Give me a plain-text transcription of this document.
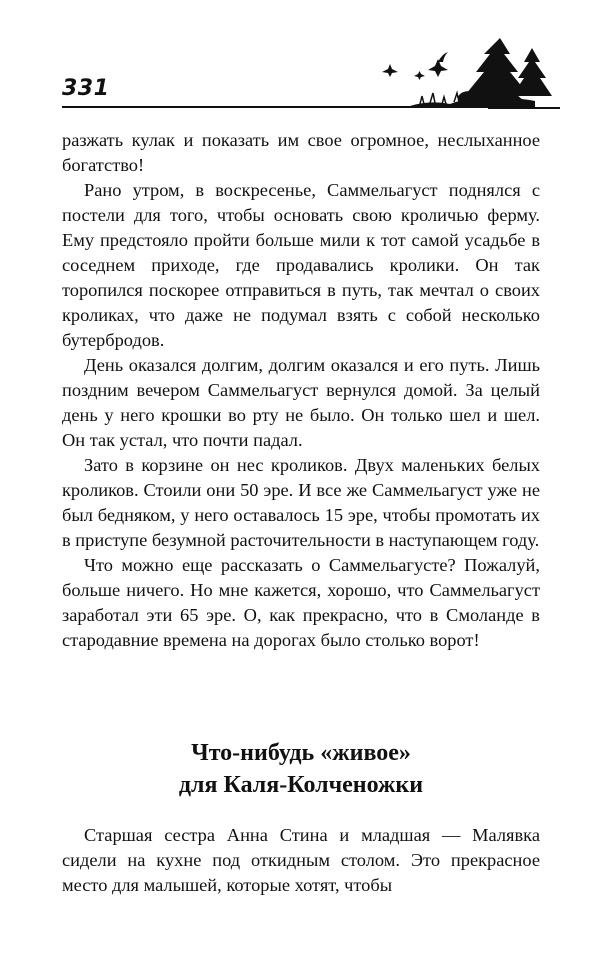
331

разжать кулак и показать им свое огромное, неслыханное богатство!

Рано утром, в воскресенье, Саммельагуст поднялся с постели для того, чтобы основать свою кроличью ферму. Ему предстояло пройти больше мили к тот самой усадьбе в соседнем приходе, где продавались кролики. Он так торопился поскорее отправиться в путь, так мечтал о своих кроликах, что даже не подумал взять с собой несколько бутербродов.

День оказался долгим, долгим оказался и его путь. Лишь поздним вечером Саммельагуст вернулся домой. За целый день у него крошки во рту не было. Он только шел и шел. Он так устал, что почти падал.

Зато в корзине он нес кроликов. Двух маленьких белых кроликов. Стоили они 50 эре. И все же Саммельагуст уже не был бедняком, у него оставалось 15 эре, чтобы промотать их в приступе безумной расточительности в наступающем году.

Что можно еще рассказать о Саммельагусте? Пожалуй, больше ничего. Но мне кажется, хорошо, что Саммельагуст заработал эти 65 эре. О, как прекрасно, что в Смоланде в стародавние времена на дорогах было столько ворот!

Что-нибудь «живое»
для Каля-Колченожки

Старшая сестра Анна Стина и младшая — Малявка сидели на кухне под откидным столом. Это прекрасное место для малышей, которые хотят, чтобы
